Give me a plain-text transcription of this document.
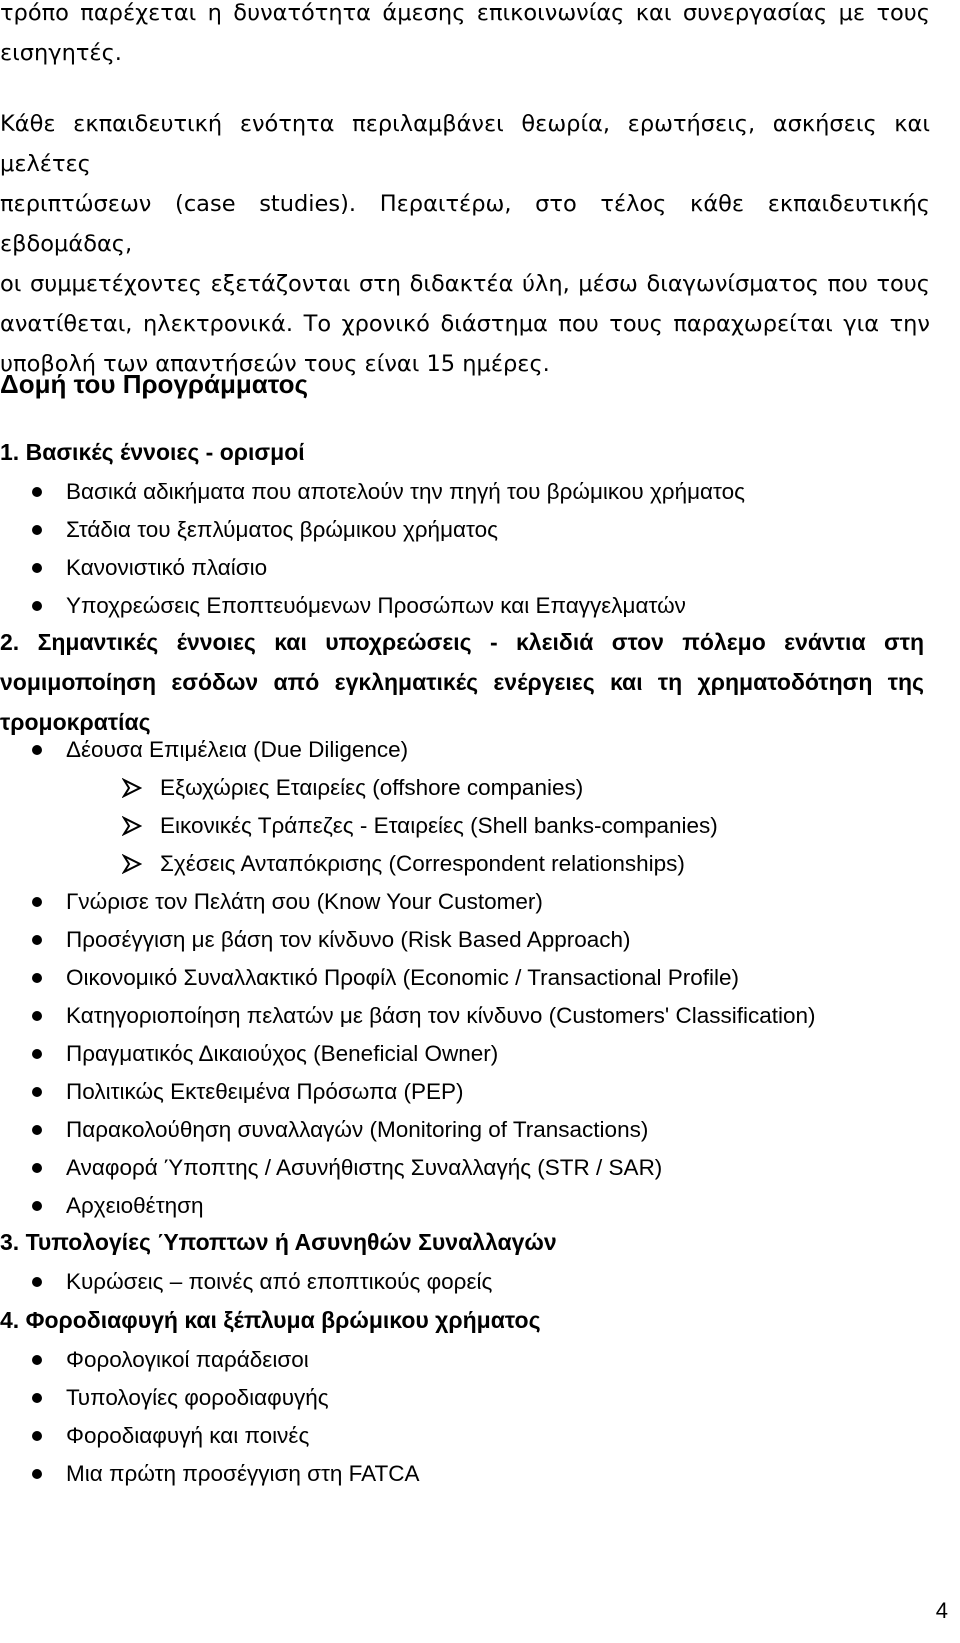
τρόπο παρέχεται η δυνατότητα άμεσης επικοινωνίας και συνεργασίας με τους
εισηγητές.
Κάθε εκπαιδευτική ενότητα περιλαμβάνει θεωρία, ερωτήσεις, ασκήσεις και μελέτες
περιπτώσεων (case studies). Περαιτέρω, στο τέλος κάθε εκπαιδευτικής εβδομάδας,
οι συμμετέχοντες εξετάζονται στη διδακτέα ύλη, μέσω διαγωνίσματος που τους
ανατίθεται, ηλεκτρονικά. Το χρονικό διάστημα που τους παραχωρείται για την
υποβολή των απαντήσεών τους είναι 15 ημέρες.
Δομή του Προγράμματος
1. Βασικές έννοιες - ορισμοί
Βασικά αδικήματα που αποτελούν την πηγή του βρώμικου χρήματος
Στάδια του ξεπλύματος βρώμικου χρήματος
Κανονιστικό πλαίσιο
Υποχρεώσεις Εποπτευόμενων Προσώπων και Επαγγελματών
2. Σημαντικές έννοιες και υποχρεώσεις - κλειδιά στον πόλεμο ενάντια στη
νομιμοποίηση εσόδων από εγκληματικές ενέργειες και τη χρηματοδότηση της
τρομοκρατίας
Δέουσα Επιμέλεια (Due Diligence)
Εξωχώριες Εταιρείες (offshore companies)
Εικονικές Τράπεζες - Εταιρείες (Shell banks-companies)
Σχέσεις Ανταπόκρισης (Correspondent relationships)
Γνώρισε τον Πελάτη σου (Know Your Customer)
Προσέγγιση με βάση τον κίνδυνο (Risk Based Approach)
Οικονομικό Συναλλακτικό Προφίλ (Economic / Transactional Profile)
Κατηγοριοποίηση πελατών με βάση τον κίνδυνο (Customers' Classification)
Πραγματικός Δικαιούχος (Beneficial Owner)
Πολιτικώς Εκτεθειμένα Πρόσωπα (PEP)
Παρακολούθηση συναλλαγών (Monitoring of Transactions)
Αναφορά Ύποπτης / Ασυνήθιστης Συναλλαγής (STR / SAR)
Αρχειοθέτηση
3. Τυπολογίες Ύποπτων ή Ασυνηθών Συναλλαγών
Κυρώσεις – ποινές από εποπτικούς φορείς
4. Φοροδιαφυγή και ξέπλυμα βρώμικου χρήματος
Φορολογικοί παράδεισοι
Τυπολογίες φοροδιαφυγής
Φοροδιαφυγή και ποινές
Μια πρώτη προσέγγιση στη FATCA
4
